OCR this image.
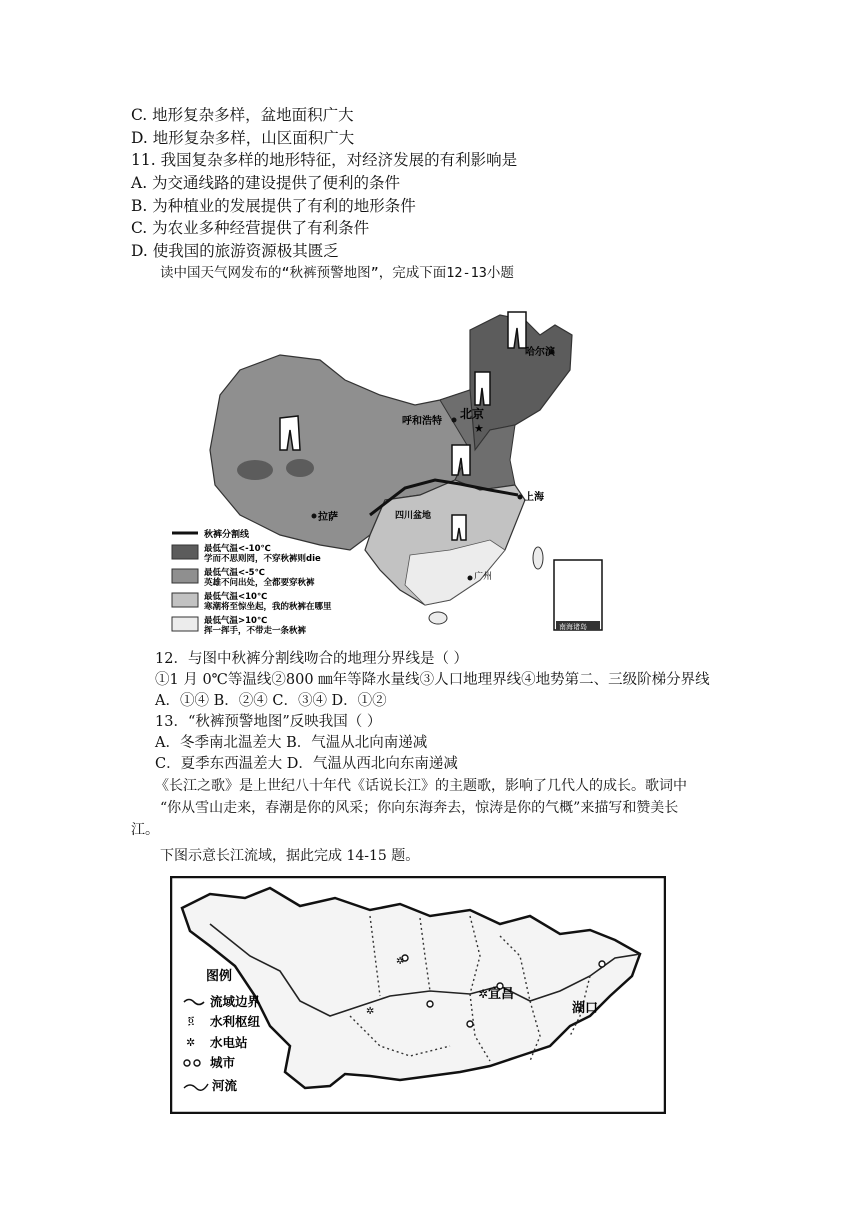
C. 地形复杂多样，盆地面积广大
D. 地形复杂多样，山区面积广大
11. 我国复杂多样的地形特征，对经济发展的有利影响是
A. 为交通线路的建设提供了便利的条件
B. 为种植业的发展提供了有利的地形条件
C. 为农业多种经营提供了有利条件
D. 使我国的旅游资源极其匮乏
读中国天气网发布的“秋裤预警地图”，完成下面12-13小题
哈尔滨
呼和浩特
北京
★
上海
拉萨	四川盆地
广州
南海诸岛
秋裤分割线
最低气温<-10℃
学而不思则罔，不穿秋裤则die
最低气温<-5℃
英雄不问出处，全都要穿秋裤
最低气温<10℃
寒潮将至惊坐起，我的秋裤在哪里
最低气温>10℃
挥一挥手，不带走一条秋裤
12．与图中秋裤分割线吻合的地理分界线是（ ）
①1 月 0℃等温线②800 ㎜年等降水量线③人口地理界线④地势第二、三级阶梯分界线
A．①④ B．②④ C．③④ D．①②
13．“秋裤预警地图”反映我国（ ）
A．冬季南北温差大 B．气温从北向南递减
C．夏季东西温差大 D．气温从西北向东南递减
《长江之歌》是上世纪八十年代《话说长江》的主题歌，影响了几代人的成长。歌词中
“你从雪山走来，春潮是你的风采；你向东海奔去，惊涛是你的气概”来描写和赞美长
江。
下图示意长江流域，据此完成 14-15 题。
✲
✲
✲ 宜昌
湖口
图例
流域边界
፬ 水利枢纽
✲ 水电站
城市
河流
